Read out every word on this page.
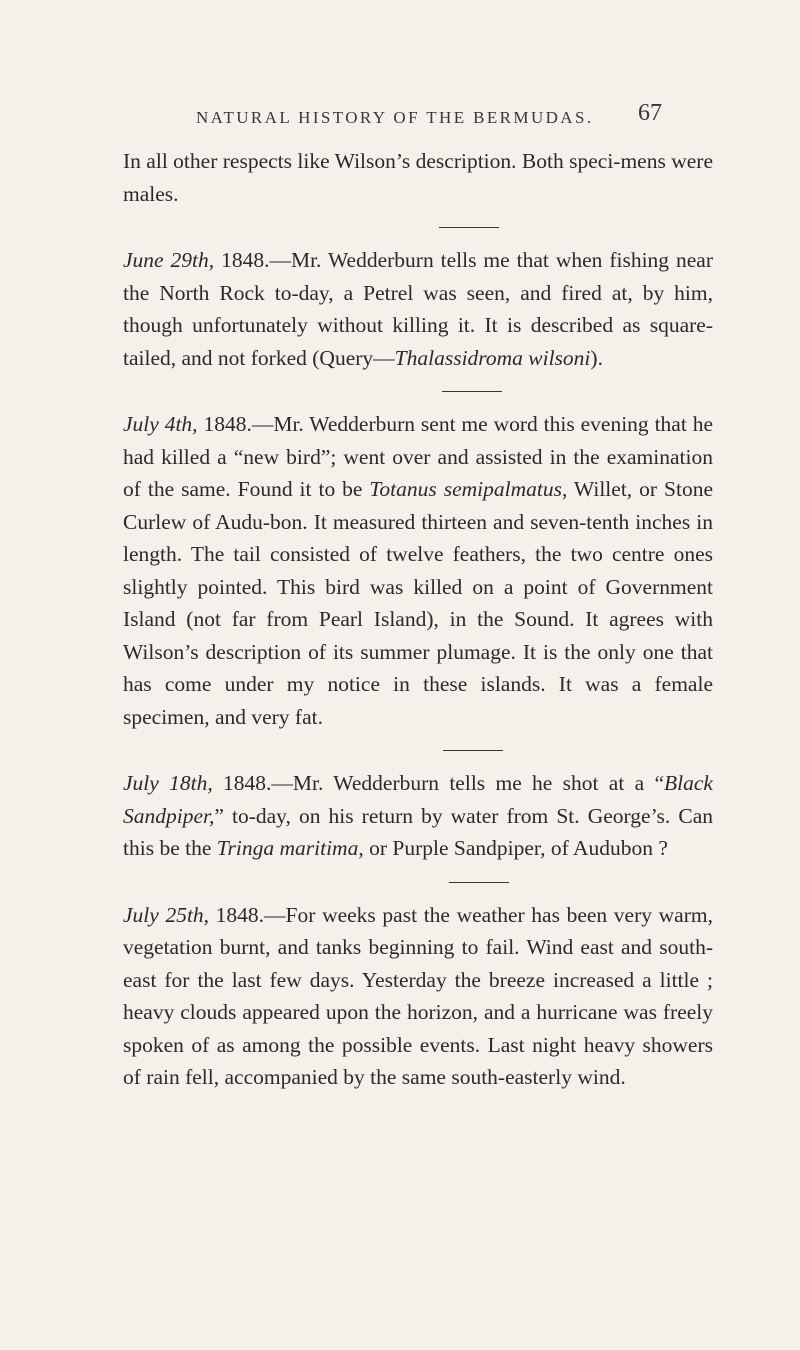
NATURAL HISTORY OF THE BERMUDAS. 67

In all other respects like Wilson’s description. Both speci-mens were males.

June 29th, 1848.—Mr. Wedderburn tells me that when fishing near the North Rock to-day, a Petrel was seen, and fired at, by him, though unfortunately without killing it. It is described as square-tailed, and not forked (Query—Thalassidroma wilsoni).

July 4th, 1848.—Mr. Wedderburn sent me word this evening that he had killed a “new bird”; went over and assisted in the examination of the same. Found it to be Totanus semipalmatus, Willet, or Stone Curlew of Audu-bon. It measured thirteen and seven-tenth inches in length. The tail consisted of twelve feathers, the two centre ones slightly pointed. This bird was killed on a point of Government Island (not far from Pearl Island), in the Sound. It agrees with Wilson’s description of its summer plumage. It is the only one that has come under my notice in these islands. It was a female specimen, and very fat.

July 18th, 1848.—Mr. Wedderburn tells me he shot at a “Black Sandpiper,” to-day, on his return by water from St. George’s. Can this be the Tringa maritima, or Purple Sandpiper, of Audubon ?

July 25th, 1848.—For weeks past the weather has been very warm, vegetation burnt, and tanks beginning to fail. Wind east and south-east for the last few days. Yesterday the breeze increased a little ; heavy clouds appeared upon the horizon, and a hurricane was freely spoken of as among the possible events. Last night heavy showers of rain fell, accompanied by the same south-easterly wind.
